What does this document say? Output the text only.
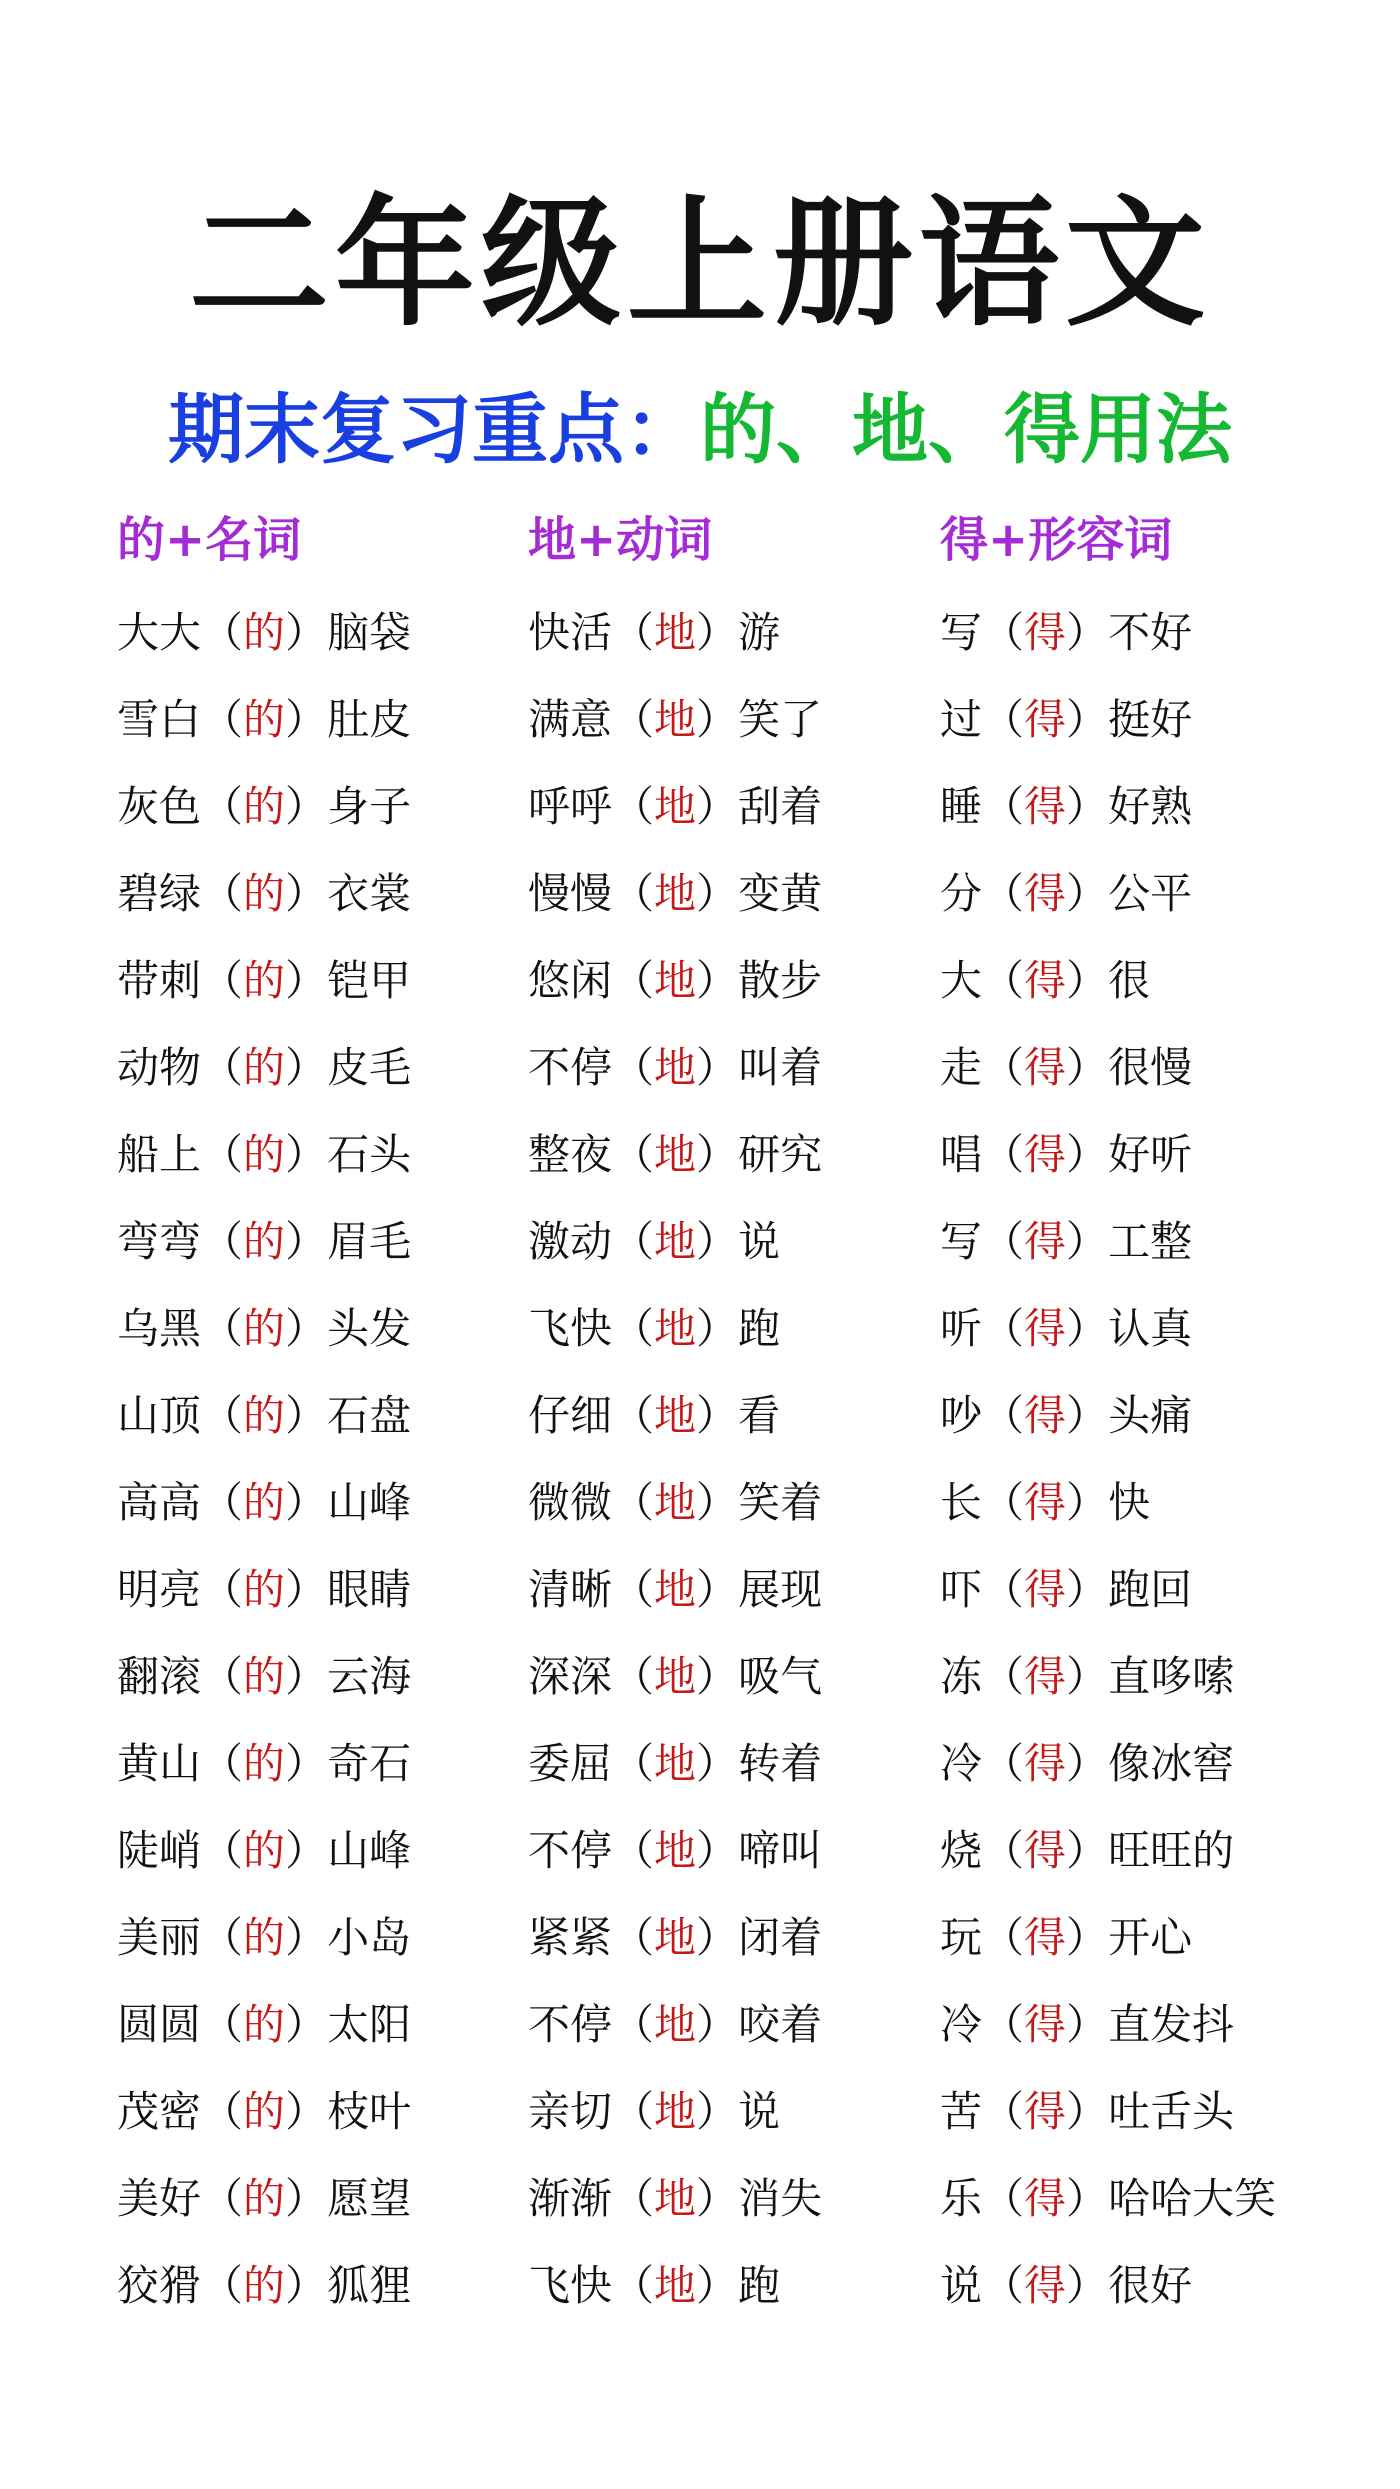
二年级上册语文
期末复习重点：的、地、得用法
的+名词
大大（的）脑袋
雪白（的）肚皮
灰色（的）身子
碧绿（的）衣裳
带刺（的）铠甲
动物（的）皮毛
船上（的）石头
弯弯（的）眉毛
乌黑（的）头发
山顶（的）石盘
高高（的）山峰
明亮（的）眼睛
翻滚（的）云海
黄山（的）奇石
陡峭（的）山峰
美丽（的）小岛
圆圆（的）太阳
茂密（的）枝叶
美好（的）愿望
狡猾（的）狐狸
地+动词
快活（地）游
满意（地）笑了
呼呼（地）刮着
慢慢（地）变黄
悠闲（地）散步
不停（地）叫着
整夜（地）研究
激动（地）说
飞快（地）跑
仔细（地）看
微微（地）笑着
清晰（地）展现
深深（地）吸气
委屈（地）转着
不停（地）啼叫
紧紧（地）闭着
不停（地）咬着
亲切（地）说
渐渐（地）消失
飞快（地）跑
得+形容词
写（得）不好
过（得）挺好
睡（得）好熟
分（得）公平
大（得）很
走（得）很慢
唱（得）好听
写（得）工整
听（得）认真
吵（得）头痛
长（得）快
吓（得）跑回
冻（得）直哆嗦
冷（得）像冰窖
烧（得）旺旺的
玩（得）开心
冷（得）直发抖
苦（得）吐舌头
乐（得）哈哈大笑
说（得）很好
